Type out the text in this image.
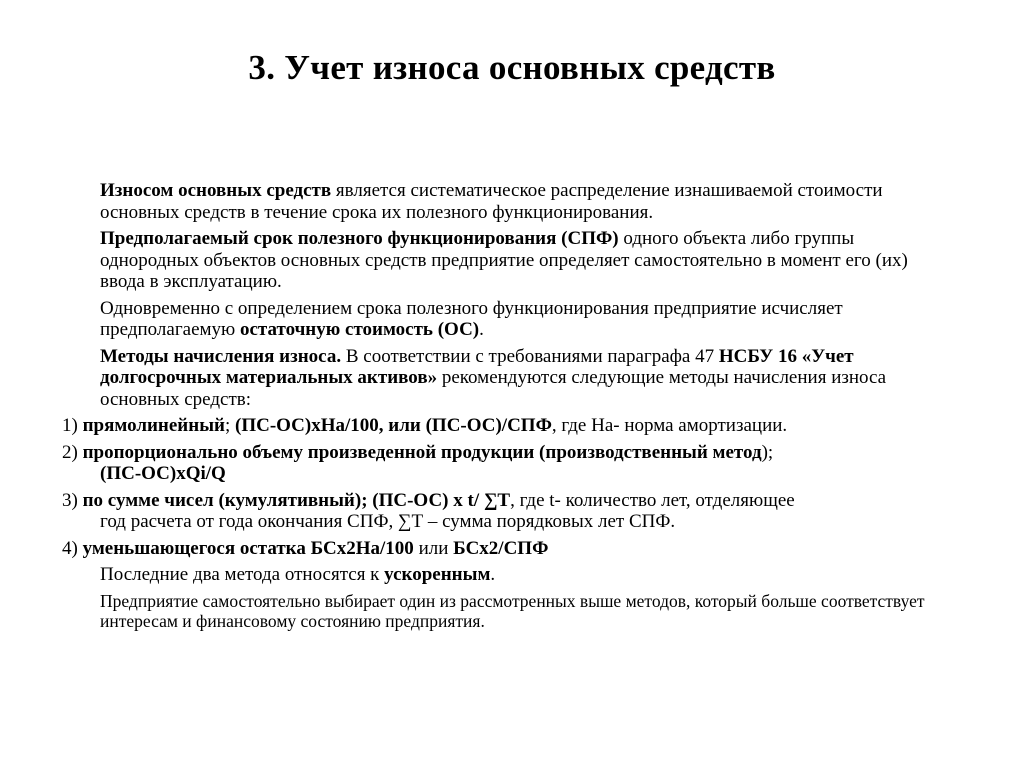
3. Учет износа основных средств

Износом основных средств является систематическое распределение изнашиваемой стоимости основных средств в течение срока их полезного функционирования.

Предполагаемый срок полезного функционирования (СПФ) одного объекта либо группы однородных объектов основных средств предприятие определяет самостоятельно в момент его (их) ввода в эксплуатацию.

Одновременно с определением срока полезного функционирования предприятие исчисляет предполагаемую остаточную стоимость (ОС).

Методы начисления износа. В соответствии с требованиями параграфа 47 НСБУ 16 «Учет долгосрочных материальных активов» рекомендуются следующие методы начисления износа основных средств:

1) прямолинейный; (ПС-ОС)хНа/100, или (ПС-ОС)/СПФ, где На- норма амортизации.

2) пропорционально объему произведенной продукции (производственный метод);
(ПС-ОС)хQi/Q

3) по сумме чисел (кумулятивный); (ПС-ОС) х t/ ∑Т, где t- количество лет, отделяющее
год расчета от года окончания СПФ, ∑Т – сумма порядковых лет СПФ.

4) уменьшающегося остатка БСх2На/100 или БСх2/СПФ

Последние два метода относятся к ускоренным.

Предприятие самостоятельно выбирает один из рассмотренных выше методов, который больше соответствует интересам и финансовому состоянию предприятия.
